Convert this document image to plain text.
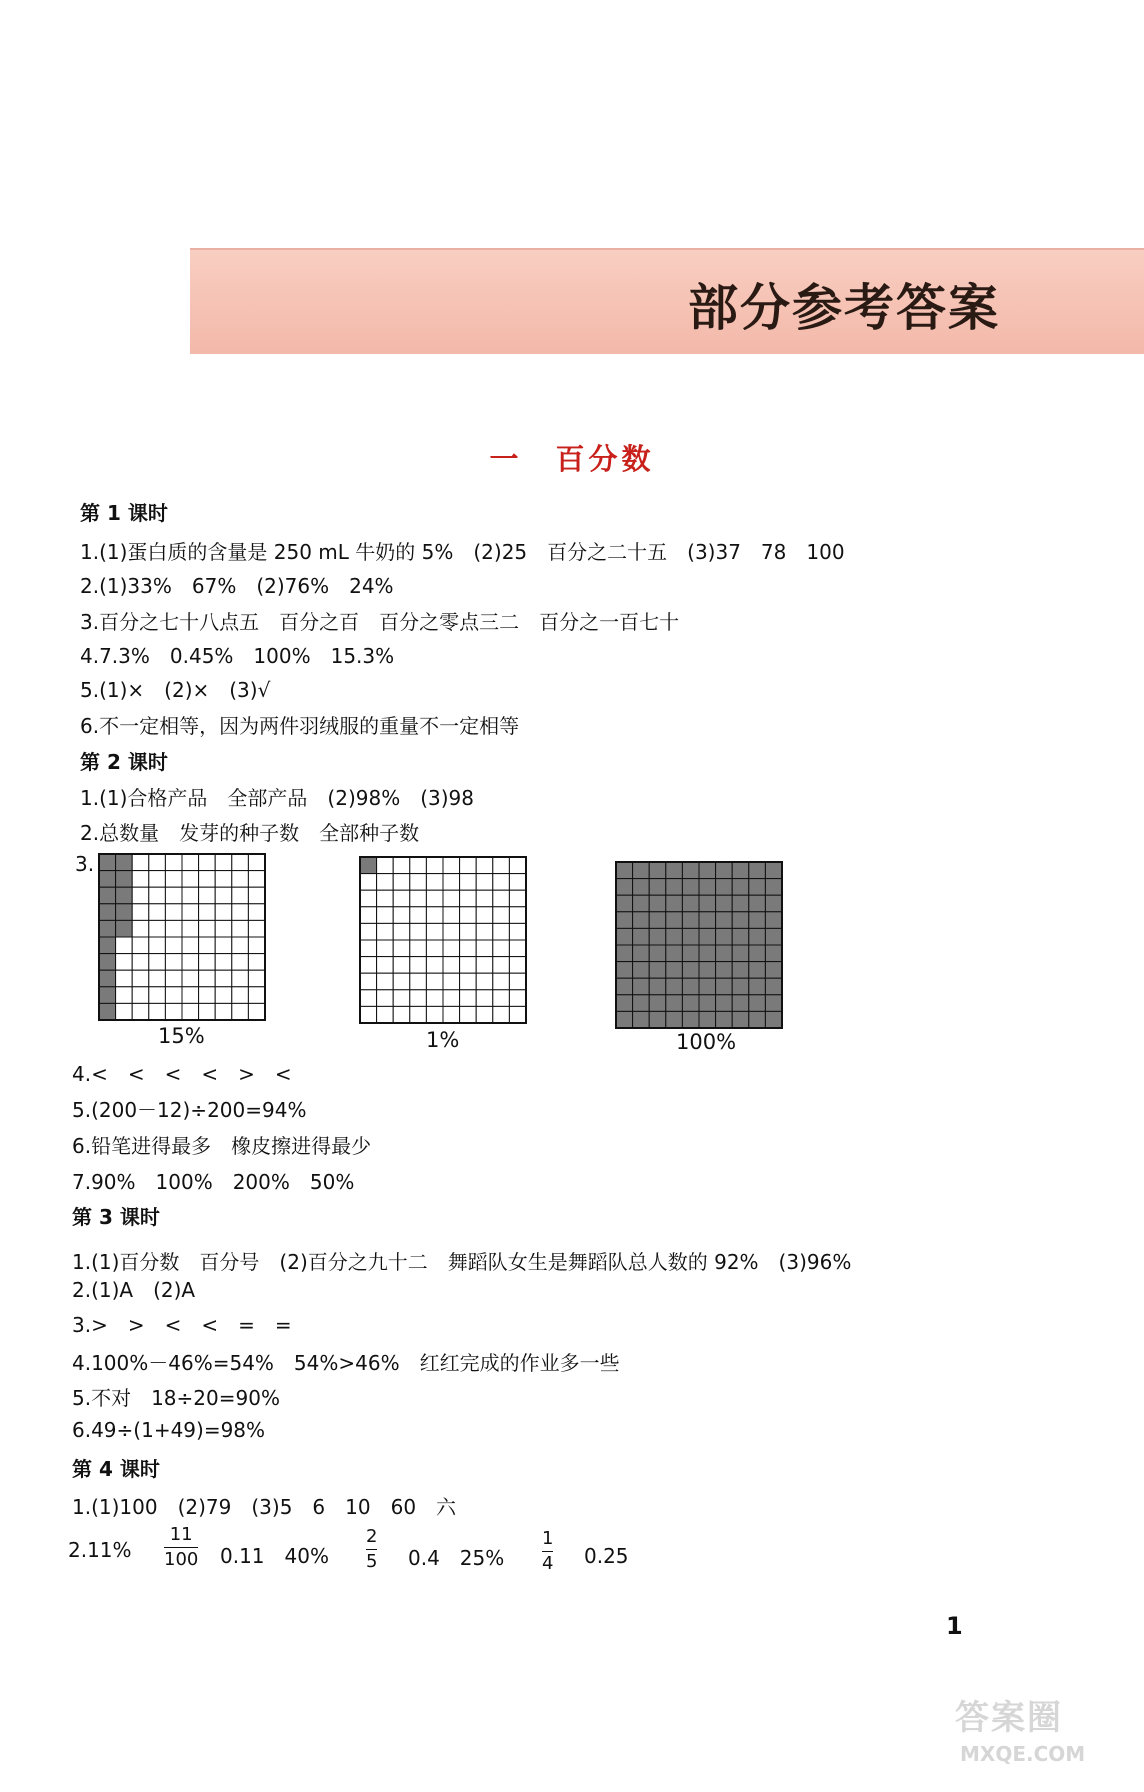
部分参考答案
一　百分数
第 1 课时
1.(1)蛋白质的含量是 250 mL 牛奶的 5%　(2)25　百分之二十五　(3)37　78　100
2.(1)33%　67%　(2)76%　24%
3.百分之七十八点五　百分之百　百分之零点三二　百分之一百七十
4.7.3%　0.45%　100%　15.3%
5.(1)×　(2)×　(3)√
6.不一定相等，因为两件羽绒服的重量不一定相等
第 2 课时
1.(1)合格产品　全部产品　(2)98%　(3)98
2.总数量　发芽的种子数　全部种子数
3.
15%	1%	100%
4.<　<　<　<　>　<
5.(200－12)÷200=94%
6.铅笔进得最多　橡皮擦进得最少
7.90%　100%　200%　50%
第 3 课时
1.(1)百分数　百分号　(2)百分之九十二　舞蹈队女生是舞蹈队总人数的 92%　(3)96%
2.(1)A　(2)A
3.>　>　<　<　=　=
4.100%－46%=54%　54%>46%　红红完成的作业多一些
5.不对　18÷20=90%
6.49÷(1+49)=98%
第 4 课时
1.(1)100　(2)79　(3)5　6　10　60　六
2.11%
11
100 0.11　40%
2
5 0.4　25%
1
4 0.25
1
答案圈
MXQE.COM
